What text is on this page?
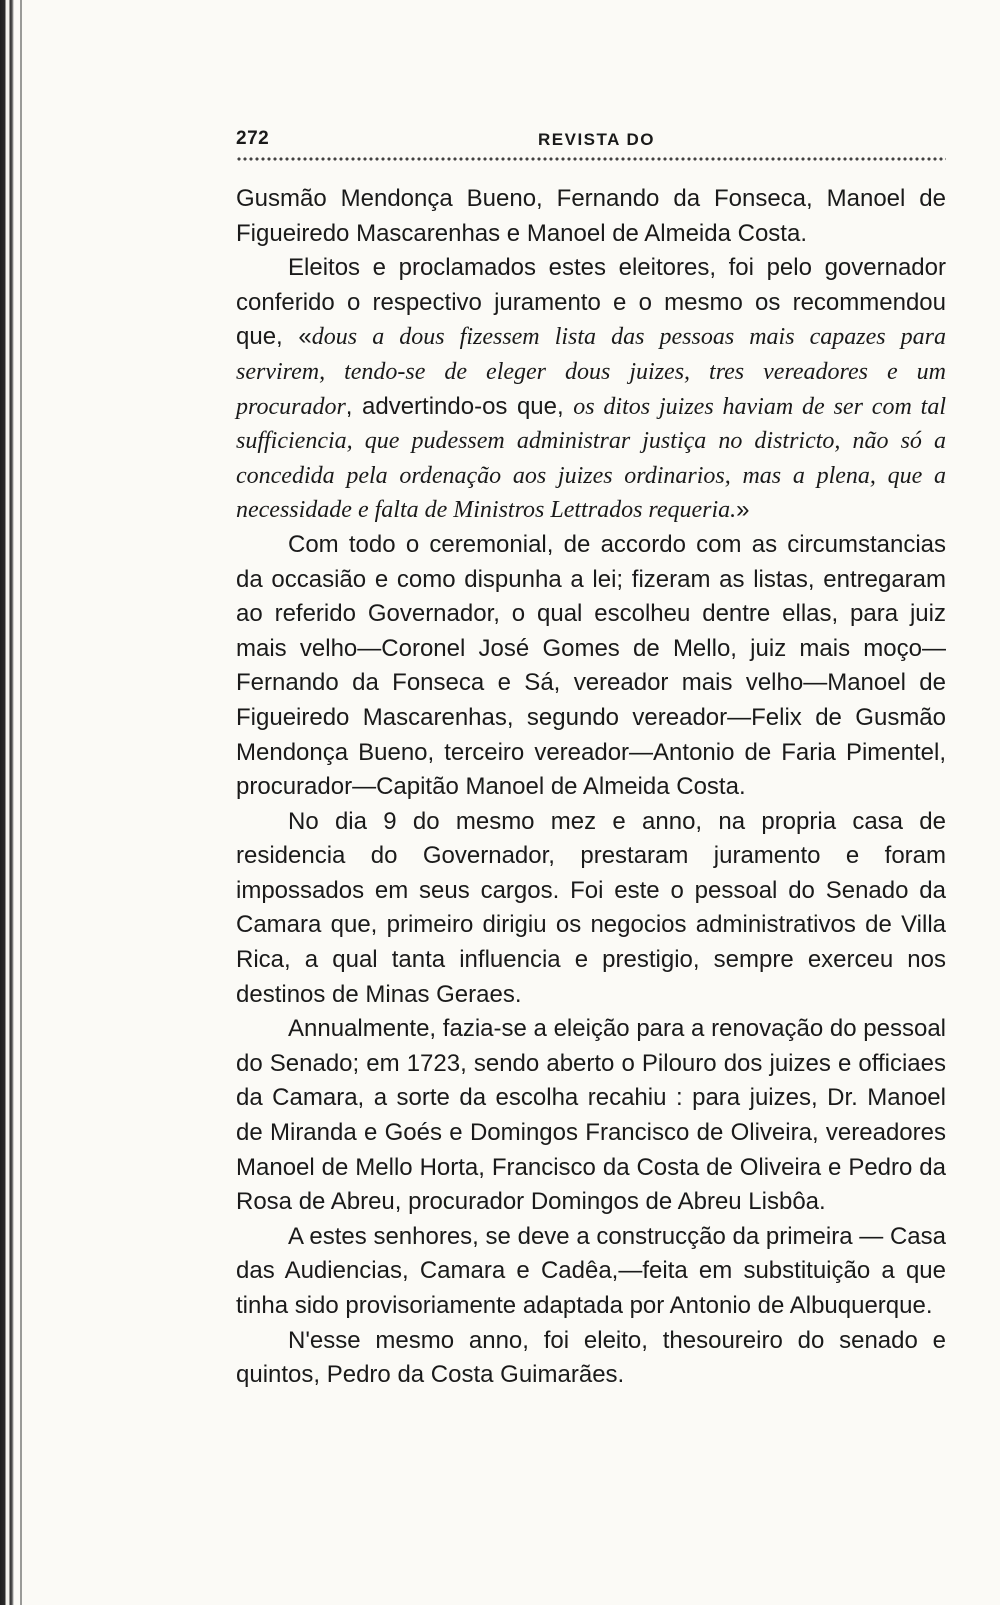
272	REVISTA DO

Gusmão Mendonça Bueno, Fernando da Fonseca, Manoel de Figueiredo Mascarenhas e Manoel de Almeida Costa.

Eleitos e proclamados estes eleitores, foi pelo governador conferido o respectivo juramento e o mesmo os recommendou que, «dous a dous fizessem lista das pessoas mais capazes para servirem, tendo-se de eleger dous juizes, tres vereadores e um procurador, advertindo-os que, os ditos juizes haviam de ser com tal sufficiencia, que pudessem administrar justiça no districto, não só a concedida pela ordenação aos juizes ordinarios, mas a plena, que a necessidade e falta de Ministros Lettrados requeria.»

Com todo o ceremonial, de accordo com as circumstancias da occasião e como dispunha a lei; fizeram as listas, entregaram ao referido Governador, o qual escolheu dentre ellas, para juiz mais velho—Coronel José Gomes de Mello, juiz mais moço—Fernando da Fonseca e Sá, vereador mais velho—Manoel de Figueiredo Mascarenhas, segundo vereador—Felix de Gusmão Mendonça Bueno, terceiro vereador—Antonio de Faria Pimentel, procurador—Capitão Manoel de Almeida Costa.

No dia 9 do mesmo mez e anno, na propria casa de residencia do Governador, prestaram juramento e foram impossados em seus cargos. Foi este o pessoal do Senado da Camara que, primeiro dirigiu os negocios administrativos de Villa Rica, a qual tanta influencia e prestigio, sempre exerceu nos destinos de Minas Geraes.

Annualmente, fazia-se a eleição para a renovação do pessoal do Senado; em 1723, sendo aberto o Pilouro dos juizes e officiaes da Camara, a sorte da escolha recahiu : para juizes, Dr. Manoel de Miranda e Goés e Domingos Francisco de Oliveira, vereadores Manoel de Mello Horta, Francisco da Costa de Oliveira e Pedro da Rosa de Abreu, procurador Domingos de Abreu Lisbôa.

A estes senhores, se deve a construcção da primeira — Casa das Audiencias, Camara e Cadêa,—feita em substituição a que tinha sido provisoriamente adaptada por Antonio de Albuquerque.

N'esse mesmo anno, foi eleito, thesoureiro do senado e quintos, Pedro da Costa Guimarães.
